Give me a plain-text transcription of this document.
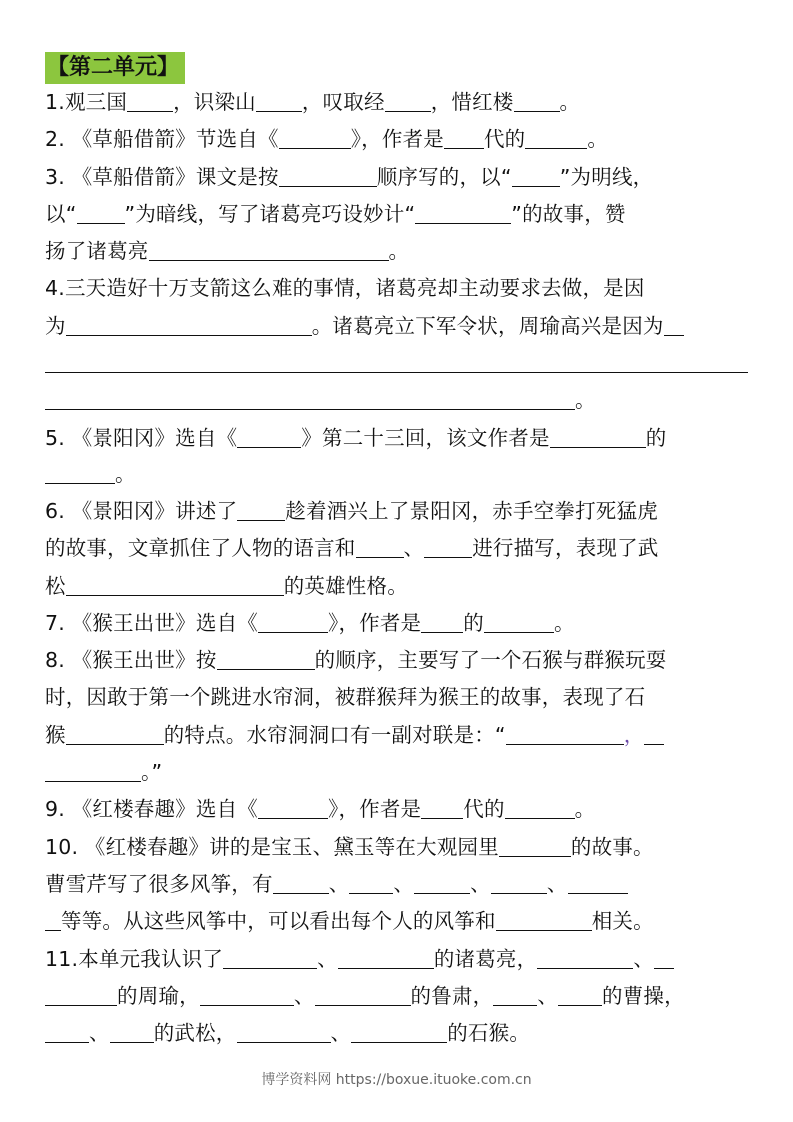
【第二单元】
1.观三国 ，识梁山 ，叹取经 ，惜红楼 。
2. 《草船借箭》节选自《	》，作者是 代的	。
3. 《草船借箭》课文是按	顺序写的，以“ ”为明线，
以“ ”为暗线，写了诸葛亮巧设妙计“	”的故事，赞
扬了诸葛亮	。
4.三天造好十万支箭这么难的事情，诸葛亮却主动要求去做，是因
为	。诸葛亮立下军令状，周瑜高兴是因为
。
5. 《景阳冈》选自《	》第二十三回，该文作者是	的
。
6. 《景阳冈》讲述了 趁着酒兴上了景阳冈，赤手空拳打死猛虎
的故事，文章抓住了人物的语言和 、 进行描写，表现了武
松	的英雄性格。
7. 《猴王出世》选自《	》，作者是 的	。
8. 《猴王出世》按	的顺序，主要写了一个石猴与群猴玩耍
时，因敢于第一个跳进水帘洞，被群猴拜为猴王的故事，表现了石
猴	的特点。水帘洞洞口有一副对联是：“	，
。”
9. 《红楼春趣》选自《	》，作者是 代的	。
10. 《红楼春趣》讲的是宝玉、黛玉等在大观园里	的故事。
曹雪芹写了很多风筝，有	、 、	、	、
等等。从这些风筝中，可以看出每个人的风筝和	相关。
11.本单元我认识了	、	的诸葛亮，	、
的周瑜，	、	的鲁肃， 、 的曹操，
、 的武松，	、	的石猴。
博学资料网 https://boxue.ituoke.com.cn
